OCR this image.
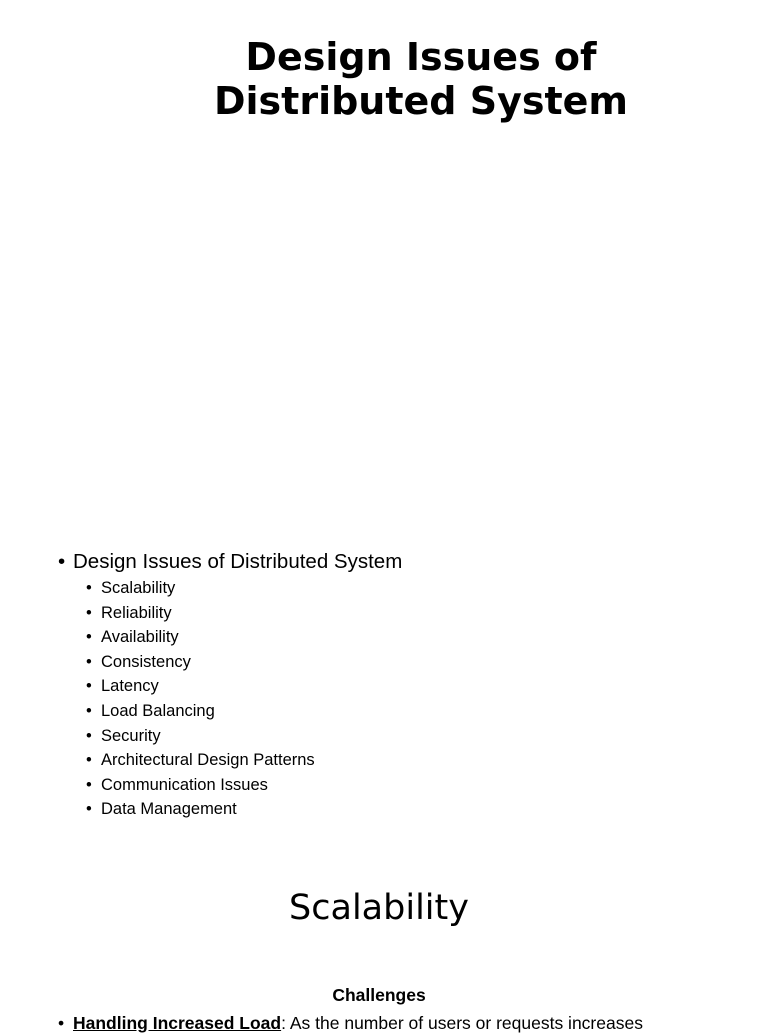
Design Issues of Distributed System
• Design Issues of Distributed System
• Scalability
• Reliability
• Availability
• Consistency
• Latency
• Load Balancing
• Security
• Architectural Design Patterns
• Communication Issues
• Data Management
Scalability
Challenges
• Handling Increased Load: As the number of users or requests increases
